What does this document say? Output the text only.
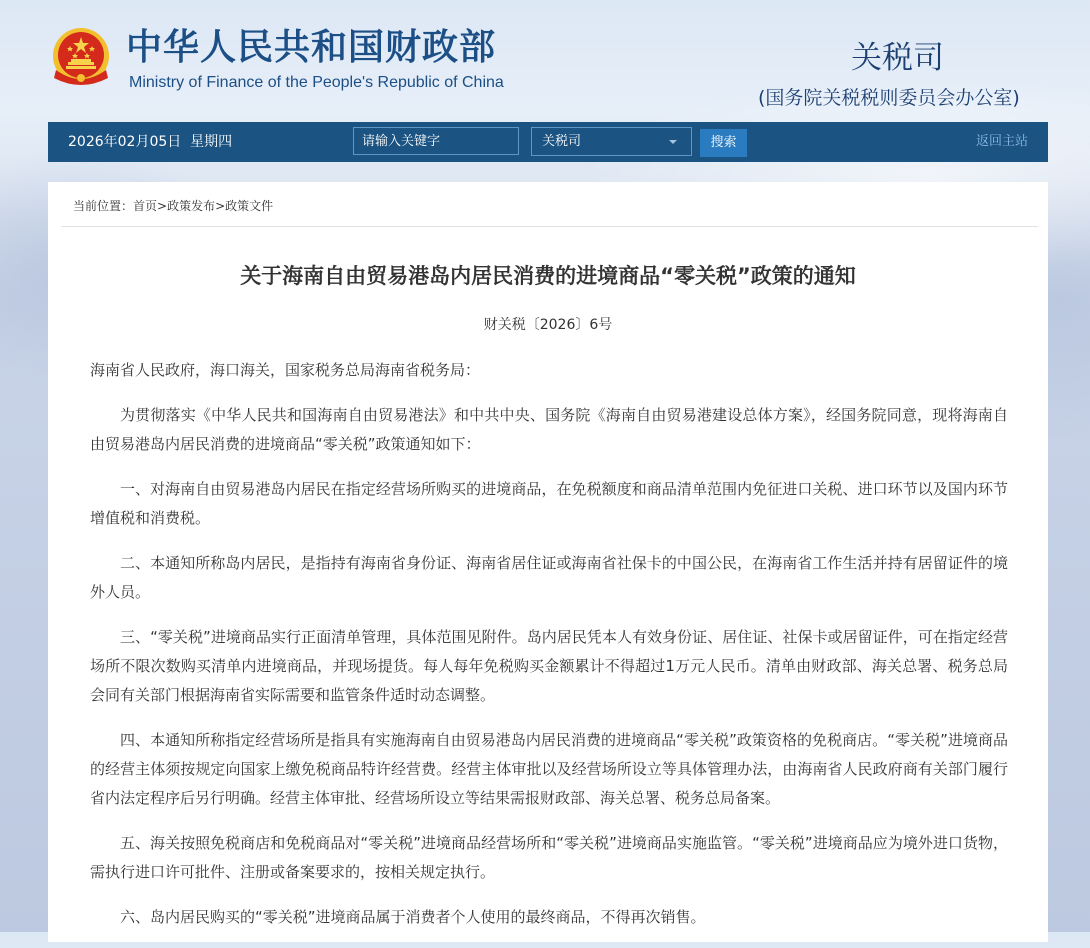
中华人民共和国财政部
Ministry of Finance of the People's Republic of China
关税司
(国务院关税税则委员会办公室)
2026年02月05日 星期四
请输入关键字	关税司	搜索	返回主站
当前位置：首页>政策发布>政策文件
关于海南自由贸易港岛内居民消费的进境商品“零关税”政策的通知
财关税〔2026〕6号

海南省人民政府，海口海关，国家税务总局海南省税务局：

为贯彻落实《中华人民共和国海南自由贸易港法》和中共中央、国务院《海南自由贸易港建设总体方案》，经国务院同意，现将海南自由贸易港岛内居民消费的进境商品“零关税”政策通知如下：

一、对海南自由贸易港岛内居民在指定经营场所购买的进境商品，在免税额度和商品清单范围内免征进口关税、进口环节以及国内环节增值税和消费税。

二、本通知所称岛内居民，是指持有海南省身份证、海南省居住证或海南省社保卡的中国公民，在海南省工作生活并持有居留证件的境外人员。

三、“零关税”进境商品实行正面清单管理，具体范围见附件。岛内居民凭本人有效身份证、居住证、社保卡或居留证件，可在指定经营场所不限次数购买清单内进境商品，并现场提货。每人每年免税购买金额累计不得超过1万元人民币。清单由财政部、海关总署、税务总局会同有关部门根据海南省实际需要和监管条件适时动态调整。

四、本通知所称指定经营场所是指具有实施海南自由贸易港岛内居民消费的进境商品“零关税”政策资格的免税商店。“零关税”进境商品的经营主体须按规定向国家上缴免税商品特许经营费。经营主体审批以及经营场所设立等具体管理办法，由海南省人民政府商有关部门履行省内法定程序后另行明确。经营主体审批、经营场所设立等结果需报财政部、海关总署、税务总局备案。

五、海关按照免税商店和免税商品对“零关税”进境商品经营场所和“零关税”进境商品实施监管。“零关税”进境商品应为境外进口货物，需执行进口许可批件、注册或备案要求的，按相关规定执行。

六、岛内居民购买的“零关税”进境商品属于消费者个人使用的最终商品，不得再次销售。
